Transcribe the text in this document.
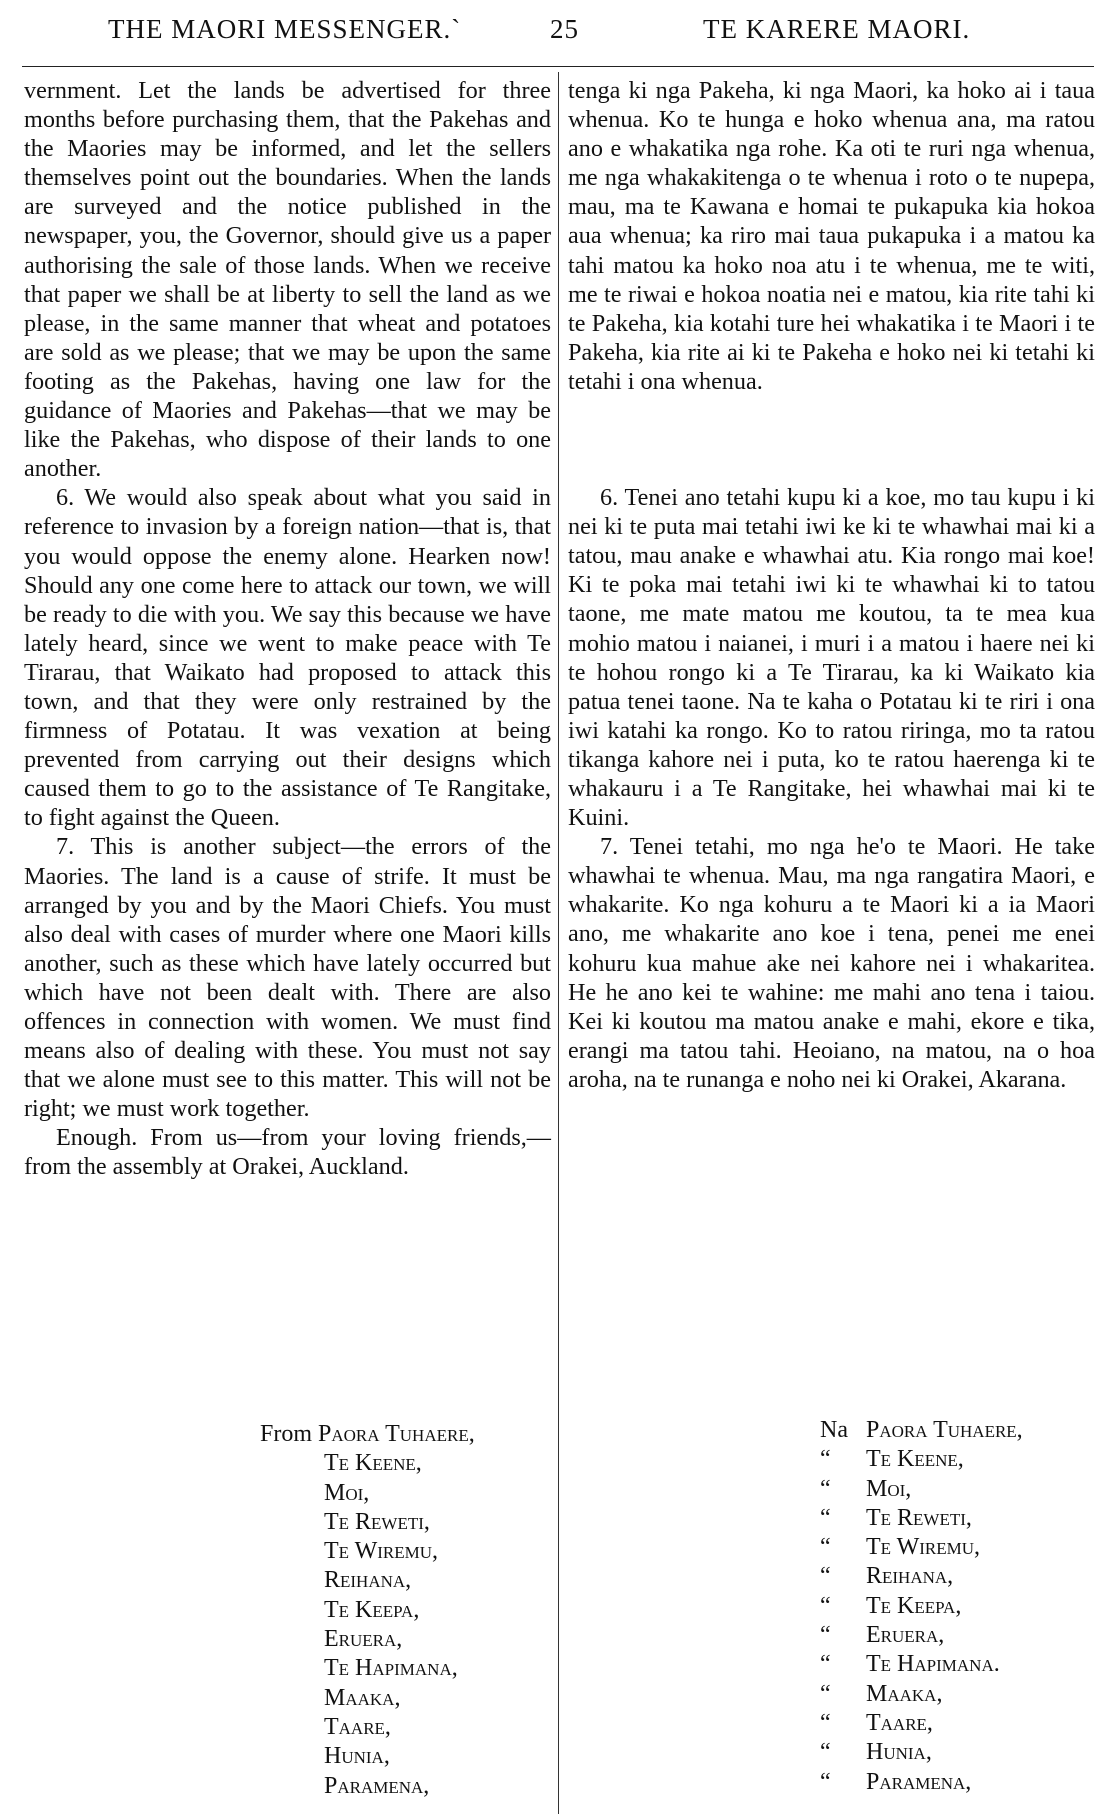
THE MAORI MESSENGER.`	25	TE KARERE MAORI.

vernment. Let the lands be advertised for three months before purchasing them, that the Pakehas and the Maories may be informed, and let the sellers themselves point out the boundaries. When the lands are surveyed and the notice published in the newspaper, you, the Governor, should give us a paper authorising the sale of those lands. When we receive that paper we shall be at liberty to sell the land as we please, in the same manner that wheat and potatoes are sold as we please; that we may be upon the same footing as the Pakehas, having one law for the guidance of Maories and Pakehas—that we may be like the Pakehas, who dispose of their lands to one another.

6. We would also speak about what you said in reference to invasion by a foreign nation—that is, that you would oppose the enemy alone. Hearken now! Should any one come here to attack our town, we will be ready to die with you. We say this because we have lately heard, since we went to make peace with Te Tirarau, that Waikato had proposed to attack this town, and that they were only restrained by the firmness of Potatau. It was vexation at being prevented from carrying out their designs which caused them to go to the assistance of Te Rangitake, to fight against the Queen.

7. This is another subject—the errors of the Maories. The land is a cause of strife. It must be arranged by you and by the Maori Chiefs. You must also deal with cases of murder where one Maori kills another, such as these which have lately occurred but which have not been dealt with. There are also offences in connection with women. We must find means also of dealing with these. You must not say that we alone must see to this matter. This will not be right; we must work together.

Enough. From us—from your loving friends,—from the assembly at Orakei, Auckland.

From Paora Tuhaere,
Te Keene,
Moi,
Te Reweti,
Te Wiremu,
Reihana,
Te Keepa,
Eruera,
Te Hapimana,
Maaka,
Taare,
Hunia,
Paramena,

tenga ki nga Pakeha, ki nga Maori, ka hoko ai i taua whenua. Ko te hunga e hoko whenua ana, ma ratou ano e whakatika nga rohe. Ka oti te ruri nga whenua, me nga whakakitenga o te whenua i roto o te nupepa, mau, ma te Kawana e homai te pukapuka kia hokoa aua whenua; ka riro mai taua pukapuka i a matou ka tahi matou ka hoko noa atu i te whenua, me te witi, me te riwai e hokoa noatia nei e matou, kia rite tahi ki te Pakeha, kia kotahi ture hei whakatika i te Maori i te Pakeha, kia rite ai ki te Pakeha e hoko nei ki tetahi ki tetahi i ona whenua.

6. Tenei ano tetahi kupu ki a koe, mo tau kupu i ki nei ki te puta mai tetahi iwi ke ki te whawhai mai ki a tatou, mau anake e whawhai atu. Kia rongo mai koe! Ki te poka mai tetahi iwi ki te whawhai ki to tatou taone, me mate matou me koutou, ta te mea kua mohio matou i naianei, i muri i a matou i haere nei ki te hohou rongo ki a Te Tirarau, ka ki Waikato kia patua tenei taone. Na te kaha o Potatau ki te riri i ona iwi katahi ka rongo. Ko to ratou riringa, mo ta ratou tikanga kahore nei i puta, ko te ratou haerenga ki te whakauru i a Te Rangitake, hei whawhai mai ki te Kuini.

7. Tenei tetahi, mo nga he'o te Maori. He take whawhai te whenua. Mau, ma nga rangatira Maori, e whakarite. Ko nga kohuru a te Maori ki a ia Maori ano, me whakarite ano koe i tena, penei me enei kohuru kua mahue ake nei kahore nei i whakaritea. He he ano kei te wahine: me mahi ano tena i taiou. Kei ki koutou ma matou anake e mahi, ekore e tika, erangi ma tatou tahi. Heoiano, na matou, na o hoa aroha, na te runanga e noho nei ki Orakei, Akarana.

Na Paora Tuhaere,
“ Te Keene,
“ Moi,
“ Te Reweti,
“ Te Wiremu,
“ Reihana,
“ Te Keepa,
“ Eruera,
“ Te Hapimana.
“ Maaka,
“ Taare,
“ Hunia,
“ Paramena,
